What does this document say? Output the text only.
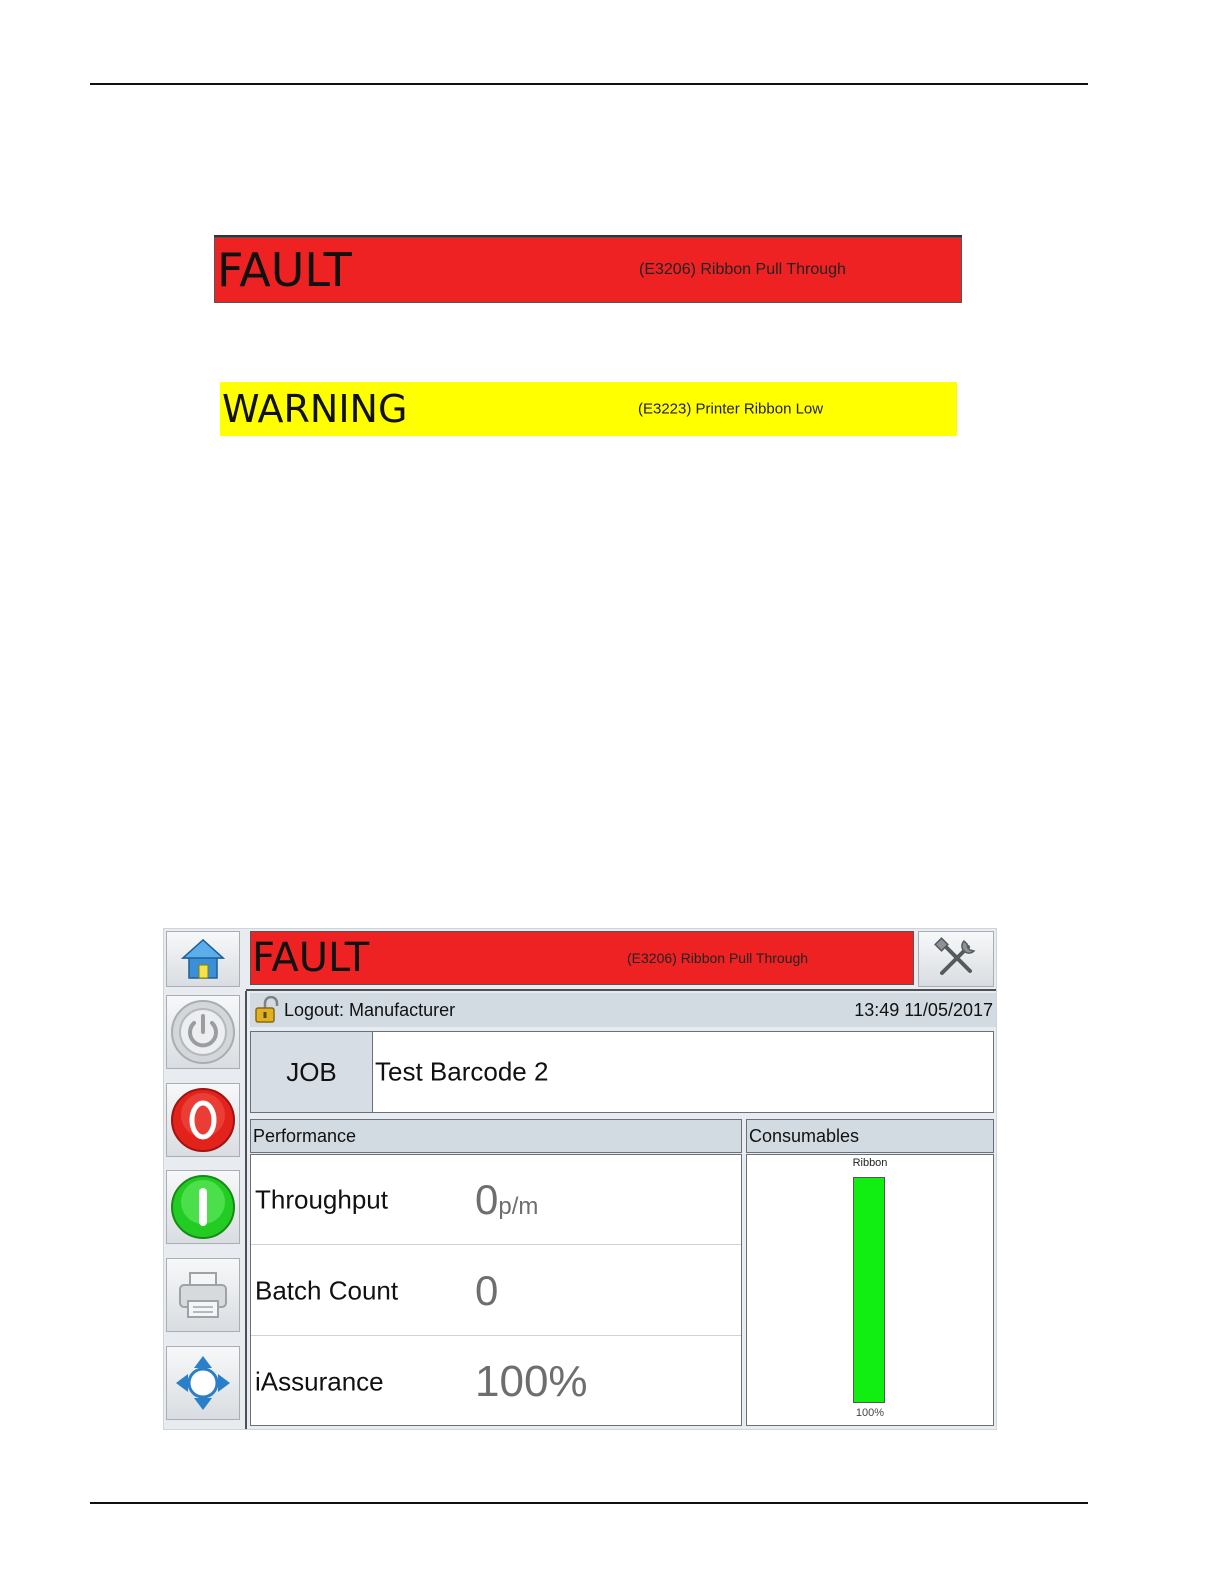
FAULT	(E3206) Ribbon Pull Through
WARNING	(E3223) Printer Ribbon Low
FAULT	(E3206) Ribbon Pull Through
Logout: Manufacturer	13:49 11/05/2017
JOB	Test Barcode 2
Performance	Consumables
Throughput 0p/m
Batch Count 0
iAssurance 100%
Ribbon
100%
